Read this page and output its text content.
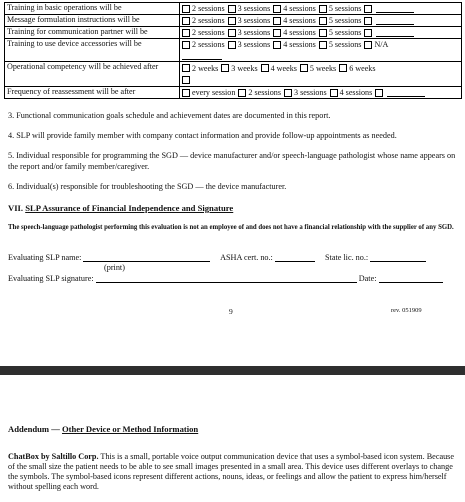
Training in basic operations will be	2 sessions 3 sessions 4 sessions 5 sessions

Message formulation instructions will be	2 sessions 3 sessions 4 sessions 5 sessions

Training for communication partner will be	2 sessions 3 sessions 4 sessions 5 sessions

Training to use device accessories will be	2 sessions 3 sessions 4 sessions 5 sessions N/A

Operational competency will be achieved after	2 weeks 3 weeks 4 weeks 5 weeks 6 weeks

Frequency of reassessment will be after	every session 2 sessions 3 sessions 4 sessions
3. Functional communication goals schedule and achievement dates are documented in this report.
4. SLP will provide family member with company contact information and provide follow-up appointments as needed.
5. Individual responsible for programming the SGD — device manufacturer and/or speech-language pathologist whose name appears on the report and/or family member/caregiver.
6. Individual(s) responsible for troubleshooting the SGD — the device manufacturer.
VII. SLP Assurance of Financial Independence and Signature
The speech-language pathologist performing this evaluation is not an employee of and does not have a financial relationship with the supplier of any SGD.
Evaluating SLP name:	ASHA cert. no.:	State lic. no.:
(print)
Evaluating SLP signature:	Date:
9	rev. 051909
Addendum — Other Device or Method Information
ChatBox by Saltillo Corp. This is a small, portable voice output communication device that uses a symbol-based icon system. Because of the small size the patient needs to be able to see small images presented in a small area. This device uses different overlays to change the symbols. The symbol-based icons represent different actions, nouns, ideas, or feelings and allow the patient to express him/herself without spelling each word.
